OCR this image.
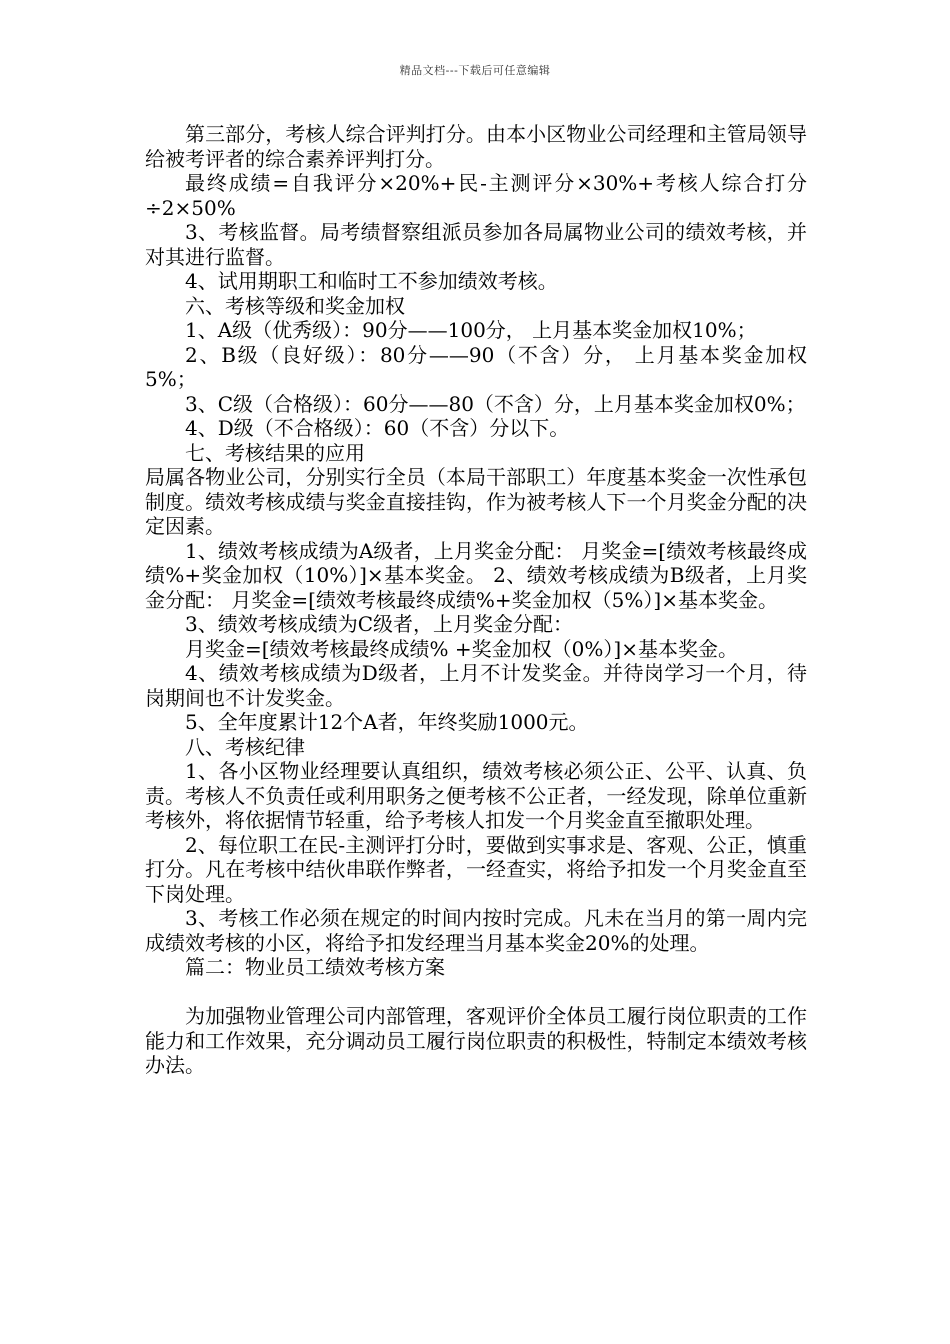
精品文档---下载后可任意编辑

第三部分，考核人综合评判打分。由本小区物业公司经理和主管局领导给被考评者的综合素养评判打分。

最终成绩=自我评分×20%+民-主测评分×30%+考核人综合打分÷2×50%

3、考核监督。局考绩督察组派员参加各局属物业公司的绩效考核，并对其进行监督。

4、试用期职工和临时工不参加绩效考核。

六、考核等级和奖金加权

1、A级（优秀级）：90分——100分， 上月基本奖金加权10%；

2、B级（良好级）：80分——90（不含）分， 上月基本奖金加权5%；

3、C级（合格级）：60分——80（不含）分，上月基本奖金加权0%；

4、D级（不合格级）：60（不含）分以下。

七、考核结果的应用

局属各物业公司，分别实行全员（本局干部职工）年度基本奖金一次性承包制度。绩效考核成绩与奖金直接挂钩，作为被考核人下一个月奖金分配的决定因素。

1、绩效考核成绩为A级者，上月奖金分配： 月奖金=[绩效考核最终成绩%+奖金加权（10%）]×基本奖金。 2、绩效考核成绩为B级者，上月奖金分配： 月奖金=[绩效考核最终成绩%+奖金加权（5%）]×基本奖金。

3、绩效考核成绩为C级者，上月奖金分配：

月奖金=[绩效考核最终成绩% +奖金加权（0%）]×基本奖金。

4、绩效考核成绩为D级者，上月不计发奖金。并待岗学习一个月，待岗期间也不计发奖金。

5、全年度累计12个A者，年终奖励1000元。

八、考核纪律

1、各小区物业经理要认真组织，绩效考核必须公正、公平、认真、负责。考核人不负责任或利用职务之便考核不公正者，一经发现，除单位重新考核外，将依据情节轻重，给予考核人扣发一个月奖金直至撤职处理。

2、每位职工在民-主测评打分时，要做到实事求是、客观、公正，慎重打分。凡在考核中结伙串联作弊者，一经查实，将给予扣发一个月奖金直至下岗处理。

3、考核工作必须在规定的时间内按时完成。凡未在当月的第一周内完成绩效考核的小区，将给予扣发经理当月基本奖金20%的处理。

篇二：物业员工绩效考核方案

为加强物业管理公司内部管理，客观评价全体员工履行岗位职责的工作能力和工作效果，充分调动员工履行岗位职责的积极性，特制定本绩效考核办法。
